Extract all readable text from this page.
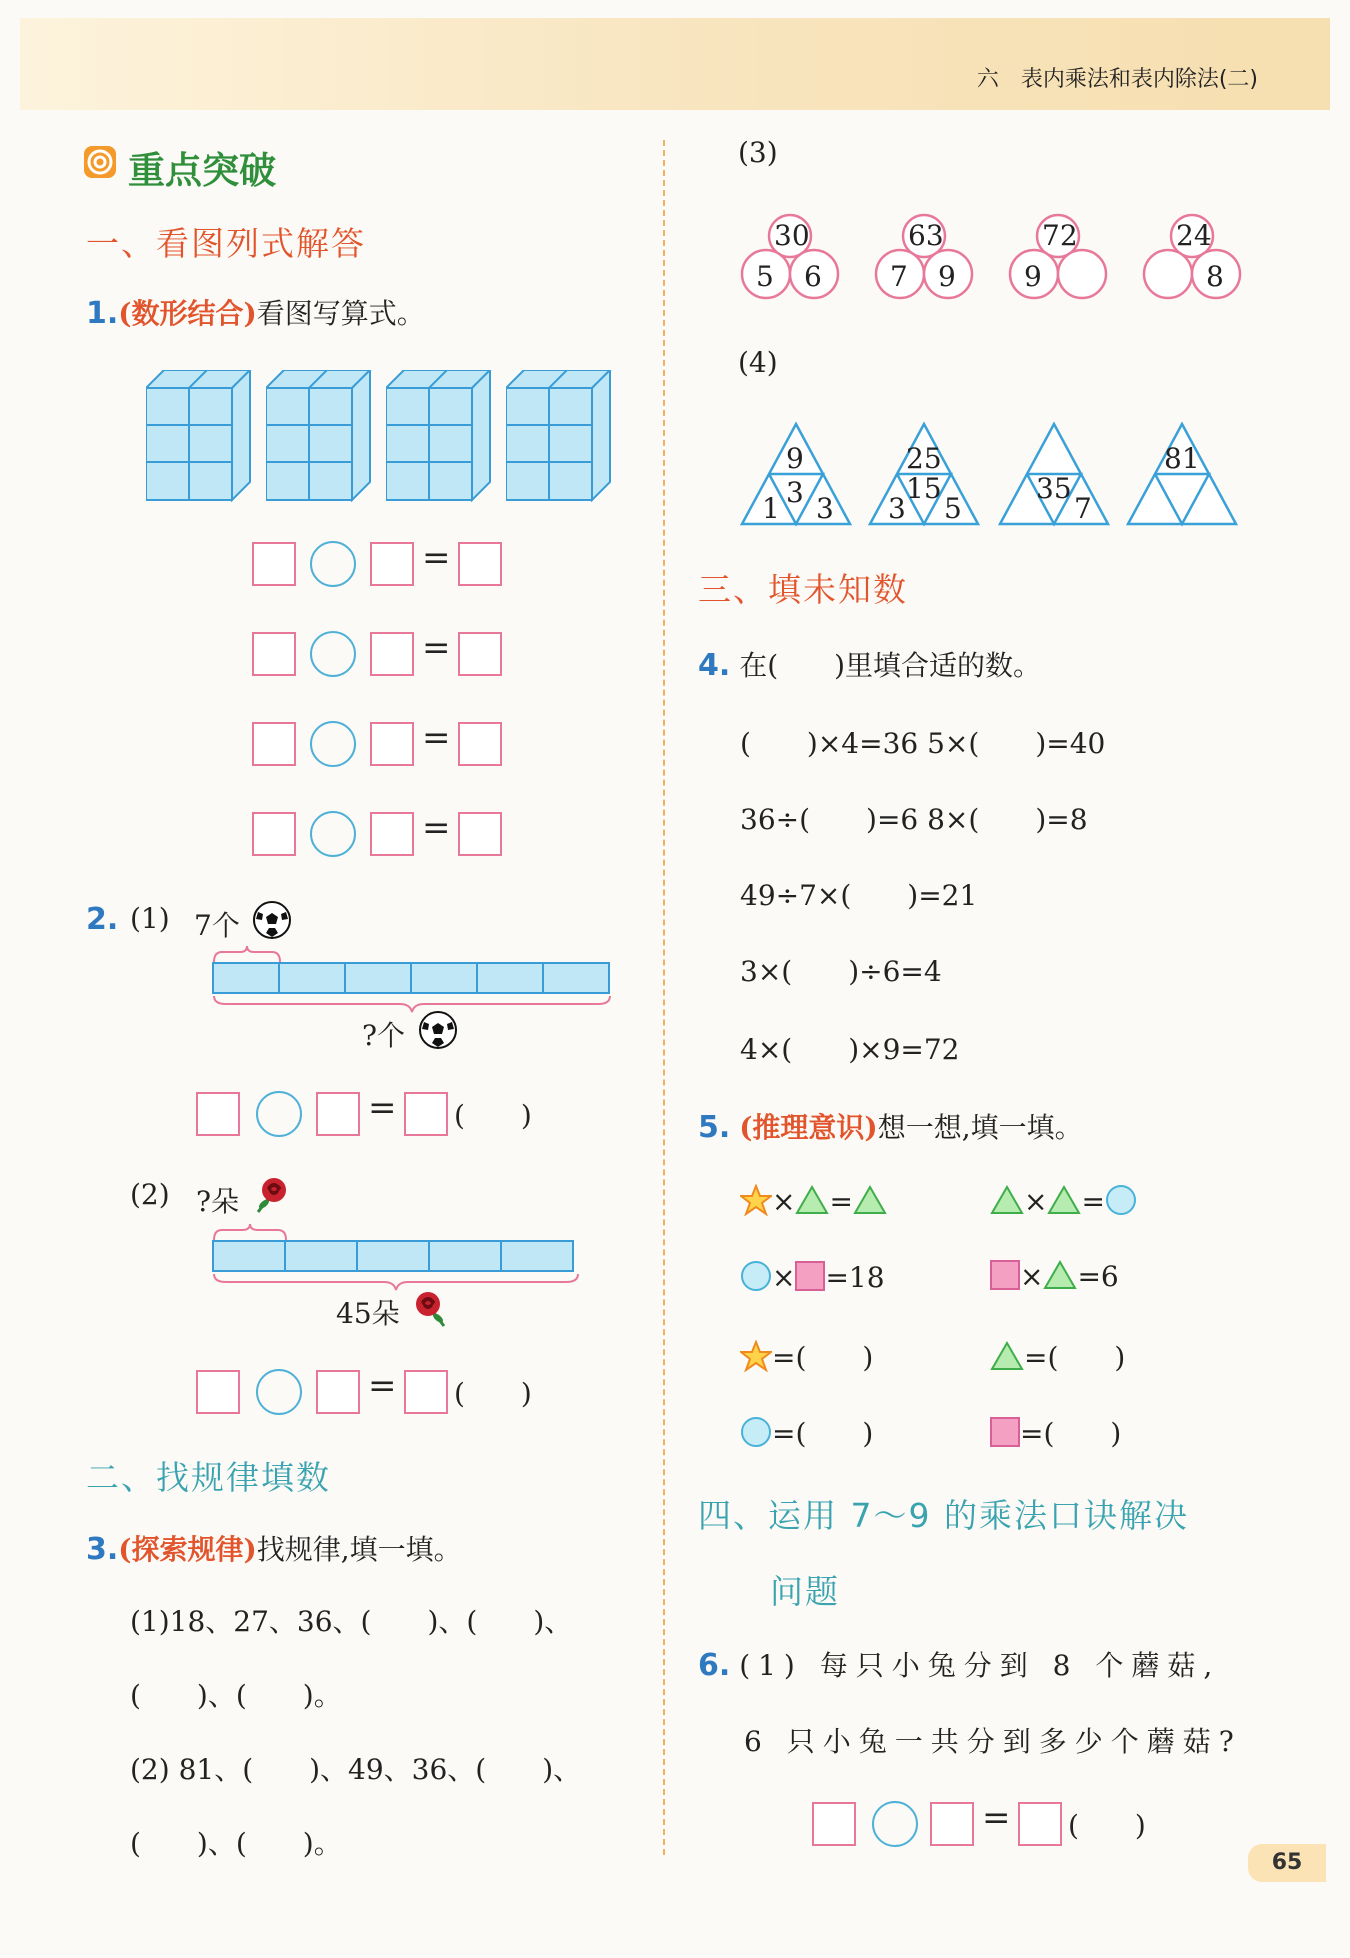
六　表内乘法和表内除法(二)
重点突破
一、看图列式解答
1.(数形结合)看图写算式。
=
=
=
=
2. (1) 7个
?个
= (　　)
(2) ?朵
45朵
= (　　)
二、找规律填数
3.(探索规律)找规律,填一填。
(1)18、27、36、(　　)、(　　)、
(　　)、(　　)。
(2) 81、(　　)、49、36、(　　)、
(　　)、(　　)。
(3)
30
5 6
63
7 9
72
9
24
8
(4)
9
3
1 3
25
15
3 5
35
7
81
三、填未知数
4. 在(　　)里填合适的数。
(　　)×4=36 5×(　　)=40
36÷(　　)=6 8×(　　)=8
49÷7×(　　)=21
3×(　　)÷6=4
4×(　　)×9=72
5. (推理意识)想一想,填一填。
× =	× =
× =18	× =6
=(　　)	=(　　)
=(　　)	=(　　)
四、运用 7～9 的乘法口诀解决
问题
6. (1) 每只小兔分到 8 个蘑菇,
6 只小兔一共分到多少个蘑菇?
= (　　)
65
